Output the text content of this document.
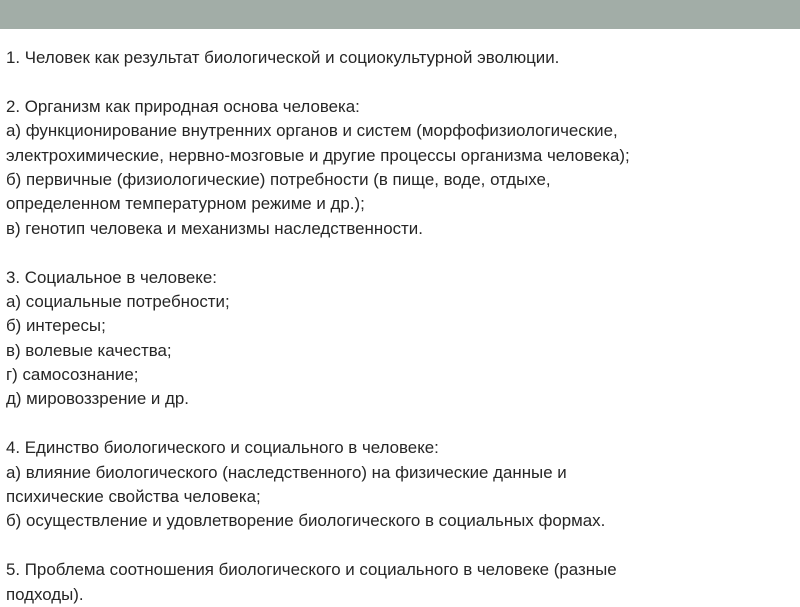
1. Человек как результат биологической и социокультурной эволюции.
2. Организм как природная основа человека:
а) функционирование внутренних органов и систем (морфофизиологические,
электрохимические, нервно-мозговые и другие процессы организма человека);
б) первичные (физиологические) потребности (в пище, воде, отдыхе,
определенном температурном режиме и др.);
в) генотип человека и механизмы наследственности.
3. Социальное в человеке:
а) социальные потребности;
б) интересы;
в) волевые качества;
г) самосознание;
д) мировоззрение и др.
4. Единство биологического и социального в человеке:
а) влияние биологического (наследственного) на физические данные и
психические свойства человека;
б) осуществление и удовлетворение биологического в социальных формах.
5. Проблема соотношения биологического и социального в человеке (разные
подходы).
